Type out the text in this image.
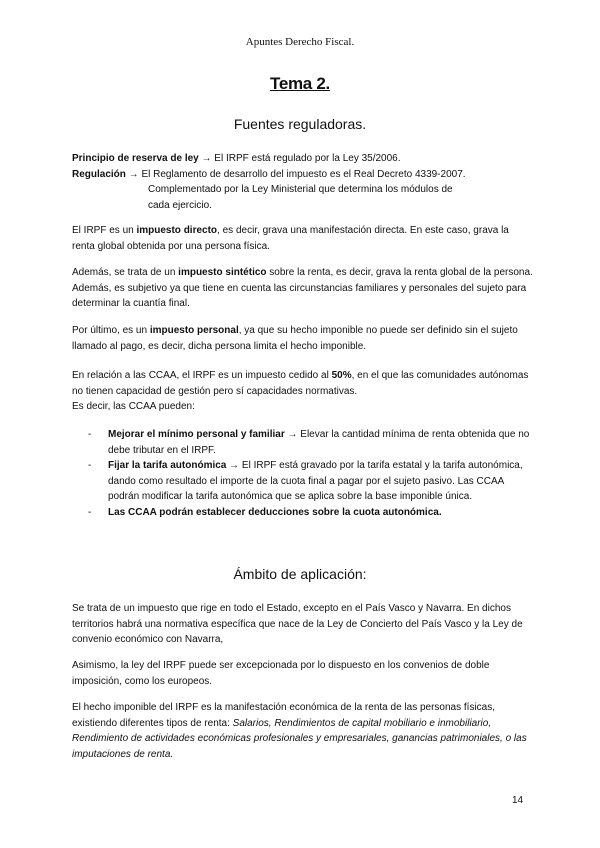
Apuntes Derecho Fiscal.
Tema 2.
Fuentes reguladoras.

Principio de reserva de ley → El IRPF está regulado por la Ley 35/2006.
Regulación → El Reglamento de desarrollo del impuesto es el Real Decreto 4339-2007.
Complementado por la Ley Ministerial que determina los módulos de cada ejercicio.

El IRPF es un impuesto directo, es decir, grava una manifestación directa. En este caso, grava la renta global obtenida por una persona física.

Además, se trata de un impuesto sintético sobre la renta, es decir, grava la renta global de la persona. Además, es subjetivo ya que tiene en cuenta las circunstancias familiares y personales del sujeto para determinar la cuantía final.

Por último, es un impuesto personal, ya que su hecho imponible no puede ser definido sin el sujeto llamado al pago, es decir, dicha persona limita el hecho imponible.

En relación a las CCAA, el IRPF es un impuesto cedido al 50%, en el que las comunidades autónomas no tienen capacidad de gestión pero sí capacidades normativas.
Es decir, las CCAA pueden:

- Mejorar el mínimo personal y familiar → Elevar la cantidad mínima de renta obtenida que no debe tributar en el IRPF.
- Fijar la tarifa autonómica → El IRPF está gravado por la tarifa estatal y la tarifa autonómica, dando como resultado el importe de la cuota final a pagar por el sujeto pasivo. Las CCAA podrán modificar la tarifa autonómica que se aplica sobre la base imponible única.
- Las CCAA podrán establecer deducciones sobre la cuota autonómica.
Ámbito de aplicación:

Se trata de un impuesto que rige en todo el Estado, excepto en el País Vasco y Navarra. En dichos territorios habrá una normativa específica que nace de la Ley de Concierto del País Vasco y la Ley de convenio económico con Navarra,

Asimismo, la ley del IRPF puede ser excepcionada por lo dispuesto en los convenios de doble imposición, como los europeos.

El hecho imponible del IRPF es la manifestación económica de la renta de las personas físicas, existiendo diferentes tipos de renta: Salarios, Rendimientos de capital mobiliario e inmobiliario, Rendimiento de actividades económicas profesionales y empresariales, ganancias patrimoniales, o las imputaciones de renta.

14
